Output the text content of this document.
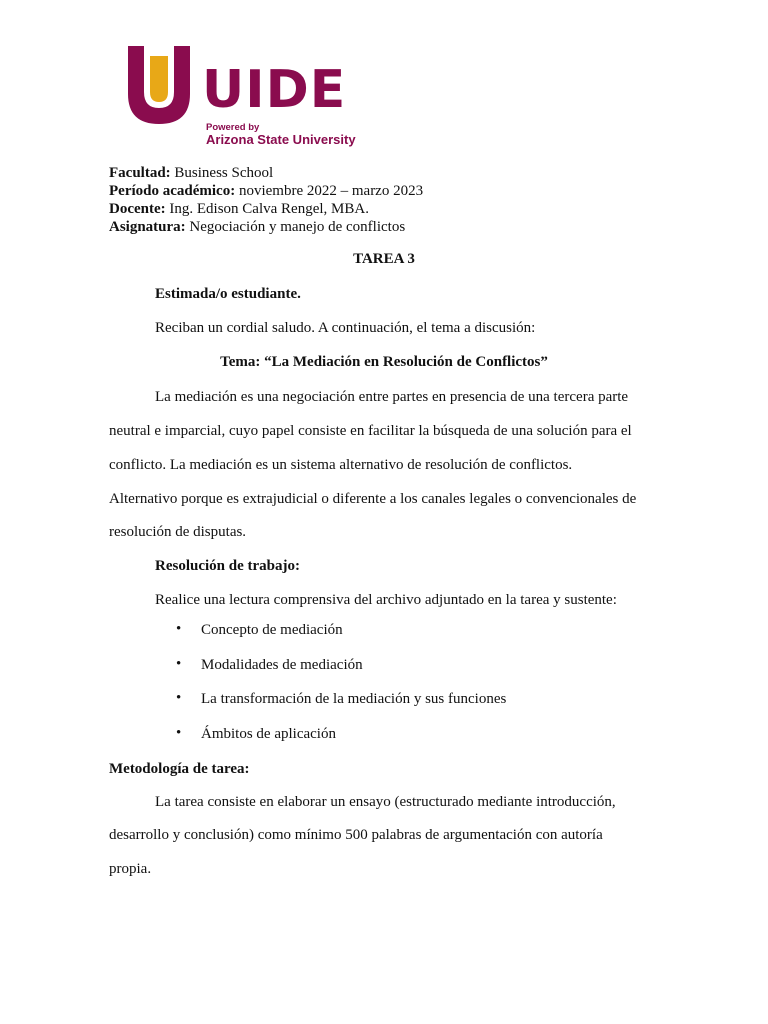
UIDE
Powered by
Arizona State University
Facultad: Business School
Período académico: noviembre 2022 – marzo 2023
Docente: Ing. Edison Calva Rengel, MBA.
Asignatura: Negociación y manejo de conflictos
TAREA 3
Estimada/o estudiante.
Reciban un cordial saludo. A continuación, el tema a discusión:
Tema: “La Mediación en Resolución de Conflictos”
La mediación es una negociación entre partes en presencia de una tercera parte
neutral e imparcial, cuyo papel consiste en facilitar la búsqueda de una solución para el
conflicto. La mediación es un sistema alternativo de resolución de conflictos.
Alternativo porque es extrajudicial o diferente a los canales legales o convencionales de
resolución de disputas.
Resolución de trabajo:
Realice una lectura comprensiva del archivo adjuntado en la tarea y sustente:
• Concepto de mediación
• Modalidades de mediación
• La transformación de la mediación y sus funciones
• Ámbitos de aplicación
Metodología de tarea:
La tarea consiste en elaborar un ensayo (estructurado mediante introducción,
desarrollo y conclusión) como mínimo 500 palabras de argumentación con autoría
propia.
